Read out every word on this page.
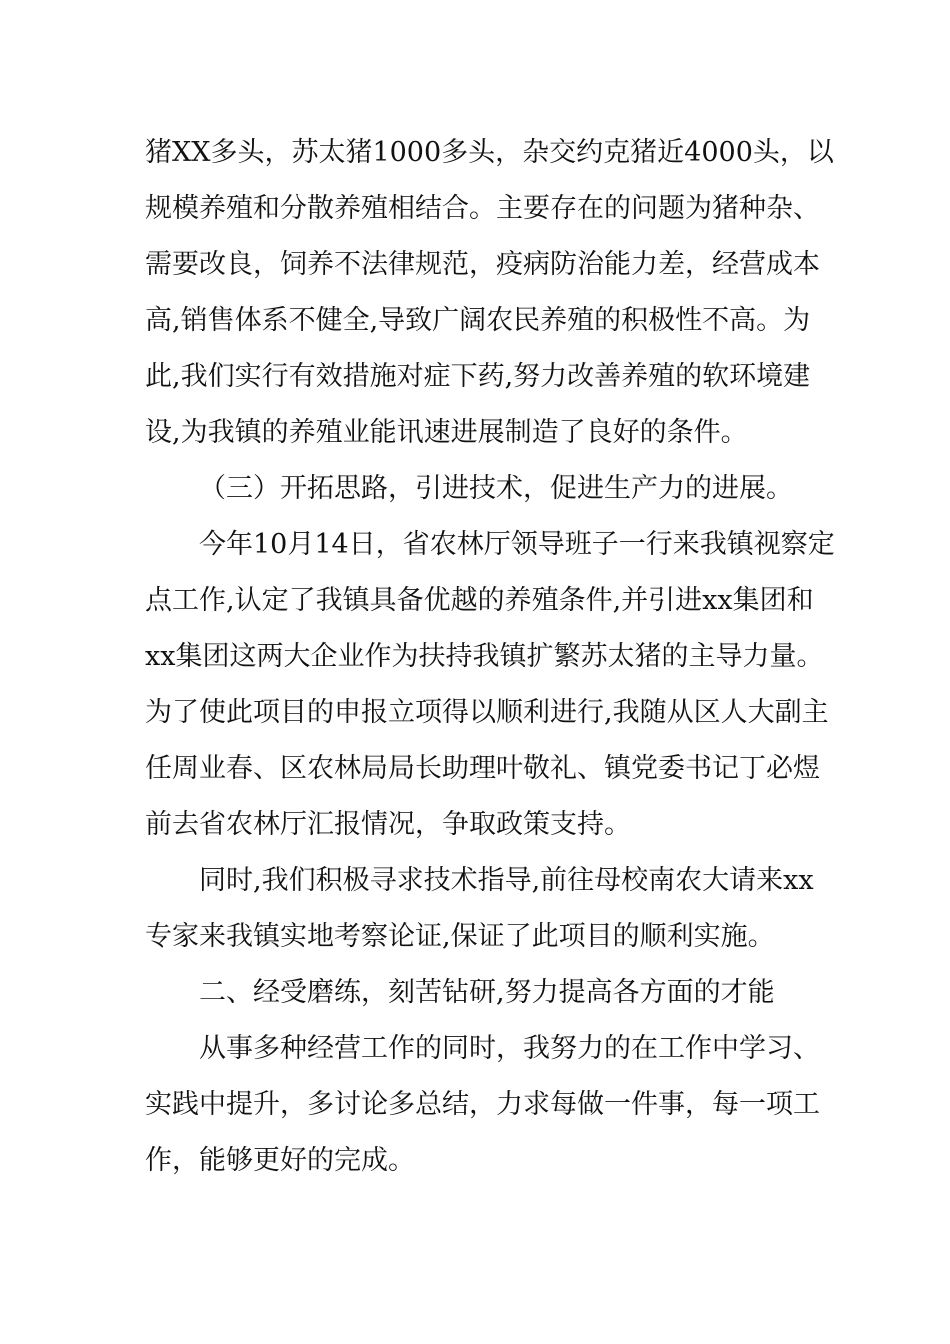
猪XX多头，苏太猪1000多头，杂交约克猪近4000头，以
规模养殖和分散养殖相结合。主要存在的问题为猪种杂、
需要改良，饲养不法律规范，疫病防治能力差，经营成本
高,销售体系不健全,导致广阔农民养殖的积极性不高。为
此,我们实行有效措施对症下药,努力改善养殖的软环境建
设,为我镇的养殖业能讯速进展制造了良好的条件。
（三）开拓思路，引进技术，促进生产力的进展。
今年10月14日，省农林厅领导班子一行来我镇视察定
点工作,认定了我镇具备优越的养殖条件,并引进xx集团和
xx集团这两大企业作为扶持我镇扩繁苏太猪的主导力量。
为了使此项目的申报立项得以顺利进行,我随从区人大副主
任周业春、区农林局局长助理叶敬礼、镇党委书记丁必煜
前去省农林厅汇报情况，争取政策支持。
同时,我们积极寻求技术指导,前往母校南农大请来xx
专家来我镇实地考察论证,保证了此项目的顺利实施。
二、经受磨练，刻苦钻研,努力提高各方面的才能
从事多种经营工作的同时，我努力的在工作中学习、
实践中提升，多讨论多总结，力求每做一件事，每一项工
作，能够更好的完成。
